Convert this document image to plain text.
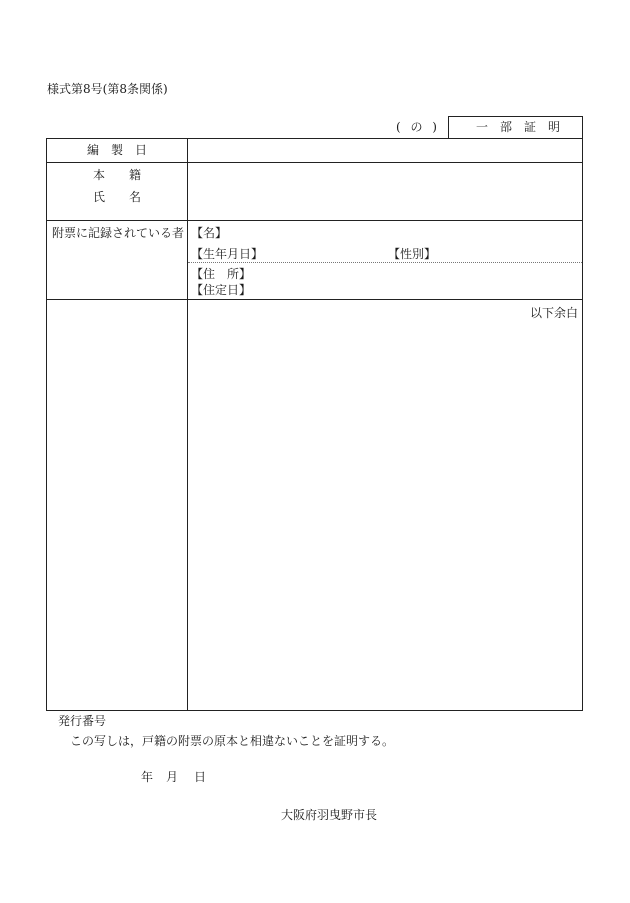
様式第8号(第8条関係)
( の )	一　部　証　明
編　製　日
本　　籍
氏　　名
附票に記録されている者 【名】
【生年月日】	【性別】
【住　所】
【住定日】
以下余白
発行番号
この写しは，戸籍の附票の原本と相違ないことを証明する。
年 月 日
大阪府羽曳野市長
